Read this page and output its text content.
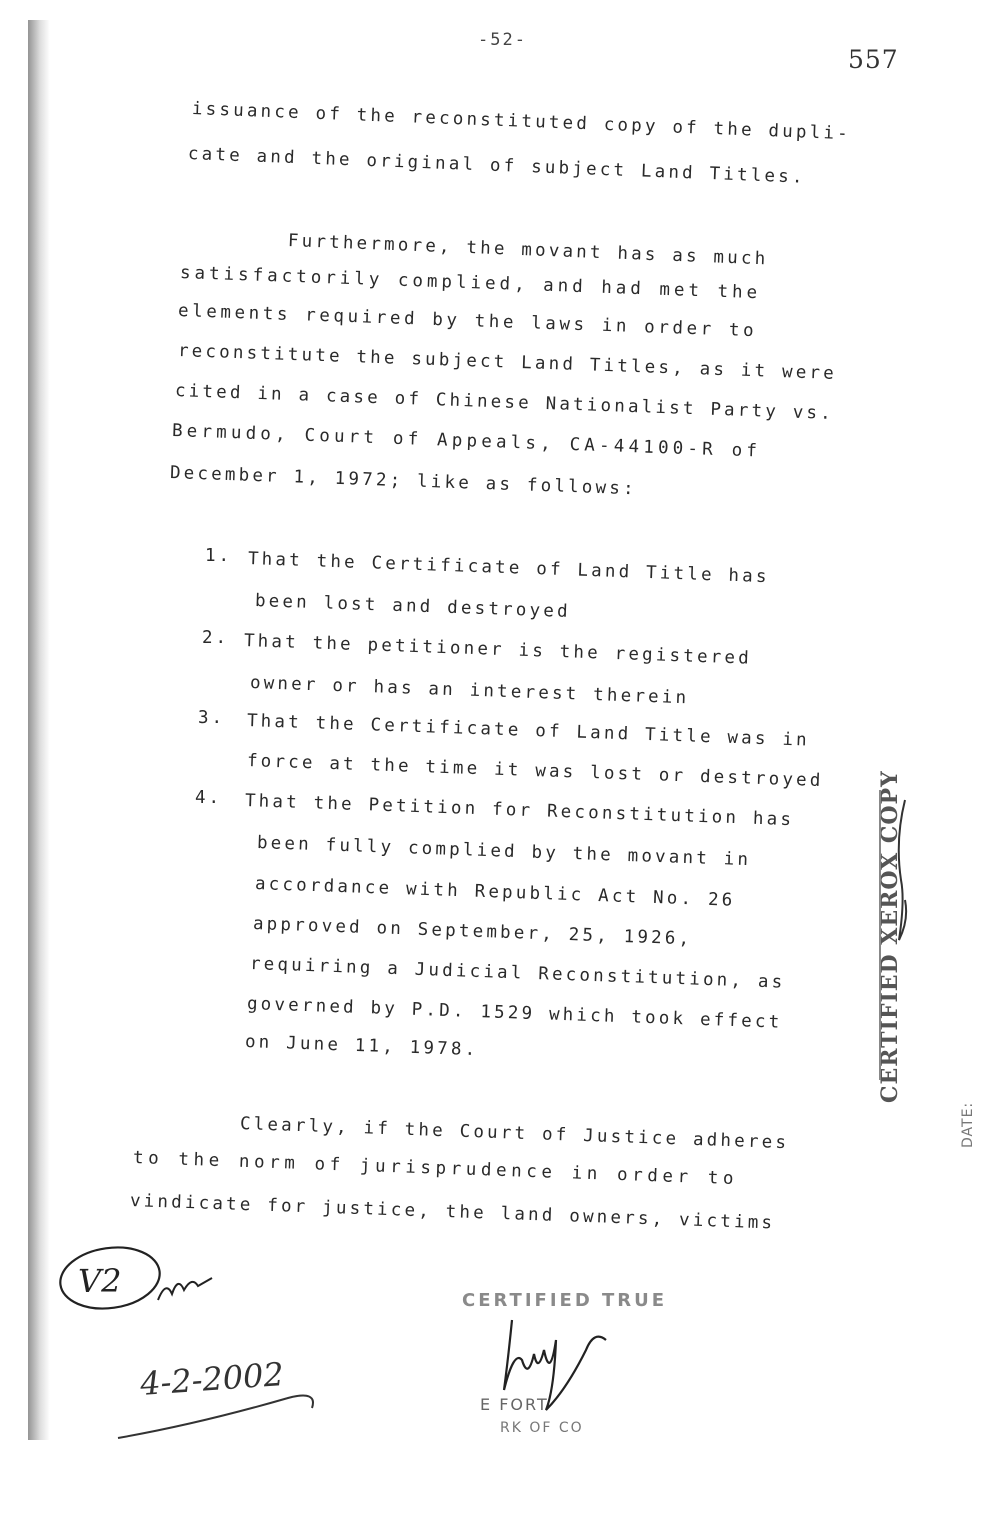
-52-
557
issuance of the reconstituted copy of the dupli-
cate and the original of subject Land Titles.
Furthermore, the movant has as much
satisfactorily complied, and had met the
elements required by the laws in order to
reconstitute the subject Land Titles, as it were
cited in a case of Chinese Nationalist Party vs.
Bermudo, Court of Appeals, CA-44100-R of
December 1, 1972; like as follows:
1. That the Certificate of Land Title has
been lost and destroyed
2. That the petitioner is the registered
owner or has an interest therein
3. That the Certificate of Land Title was in
force at the time it was lost or destroyed
4. That the Petition for Reconstitution has
been fully complied by the movant in
accordance with Republic Act No. 26
approved on September, 25, 1926,
requiring a Judicial Reconstitution, as
governed by P.D. 1529 which took effect
on June 11, 1978.
Clearly, if the Court of Justice adheres
to the norm of jurisprudence in order to
vindicate for justice, the land owners, victims
CERTIFIED XEROX COPY
DATE:
CERTIFIED TRUE
E FORT
RK OF CO
V2
4-2-2002
